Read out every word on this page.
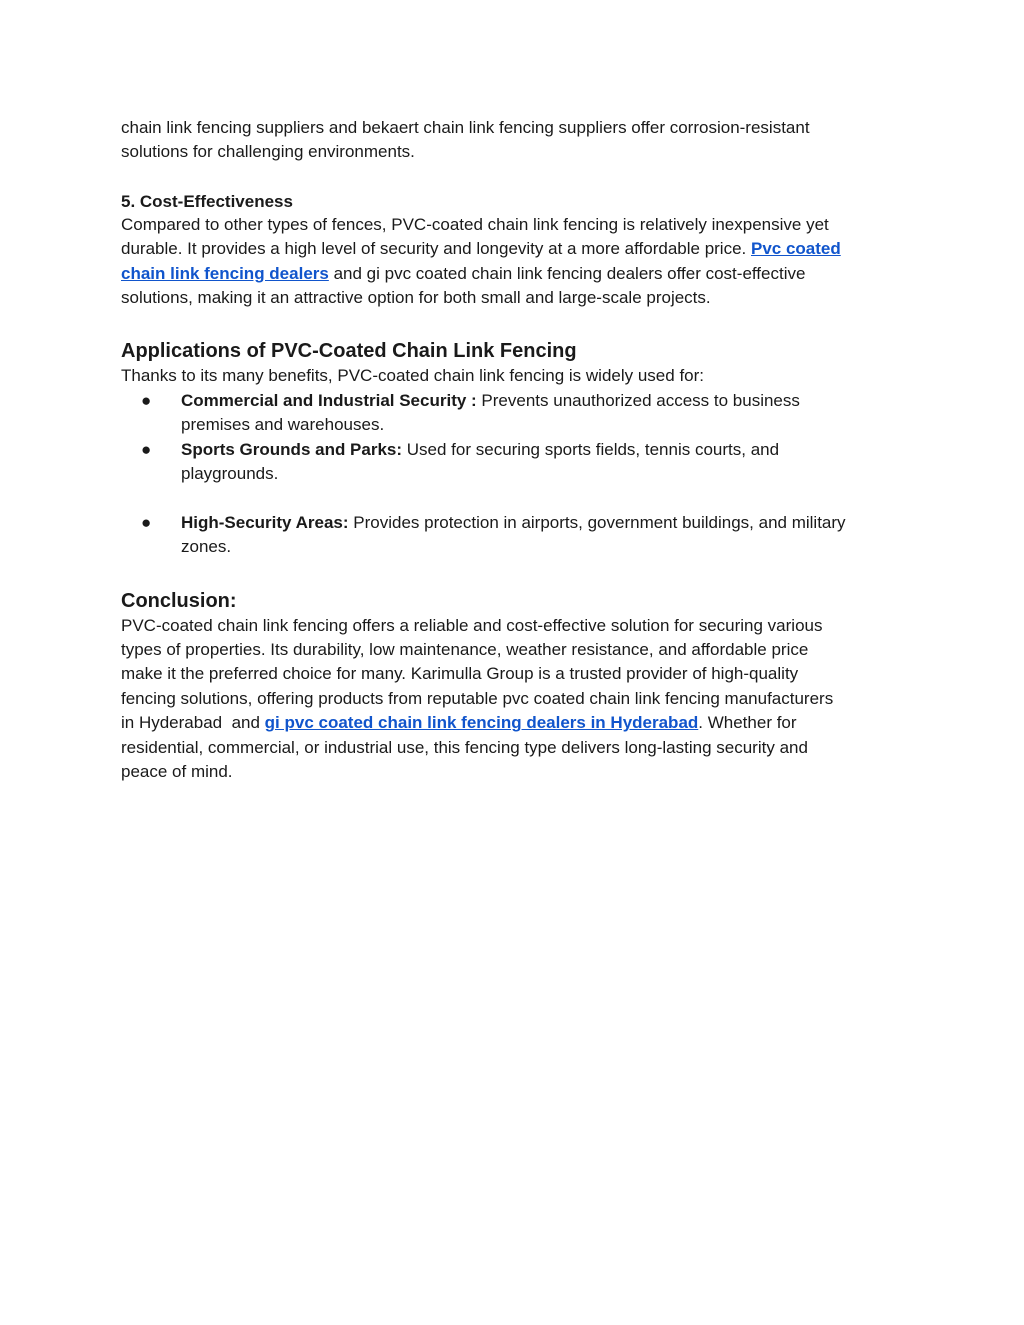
chain link fencing suppliers and bekaert chain link fencing suppliers offer corrosion-resistant
solutions for challenging environments.
5. Cost-Effectiveness
Compared to other types of fences, PVC-coated chain link fencing is relatively inexpensive yet
durable. It provides a high level of security and longevity at a more affordable price. Pvc coated
chain link fencing dealers and gi pvc coated chain link fencing dealers offer cost-effective
solutions, making it an attractive option for both small and large-scale projects.
Applications of PVC-Coated Chain Link Fencing
Thanks to its many benefits, PVC-coated chain link fencing is widely used for:
● Commercial and Industrial Security : Prevents unauthorized access to business
premises and warehouses.
● Sports Grounds and Parks: Used for securing sports fields, tennis courts, and
playgrounds.
● High-Security Areas: Provides protection in airports, government buildings, and military
zones.
Conclusion:
PVC-coated chain link fencing offers a reliable and cost-effective solution for securing various
types of properties. Its durability, low maintenance, weather resistance, and affordable price
make it the preferred choice for many. Karimulla Group is a trusted provider of high-quality
fencing solutions, offering products from reputable pvc coated chain link fencing manufacturers
in Hyderabad  and gi pvc coated chain link fencing dealers in Hyderabad. Whether for
residential, commercial, or industrial use, this fencing type delivers long-lasting security and
peace of mind.
